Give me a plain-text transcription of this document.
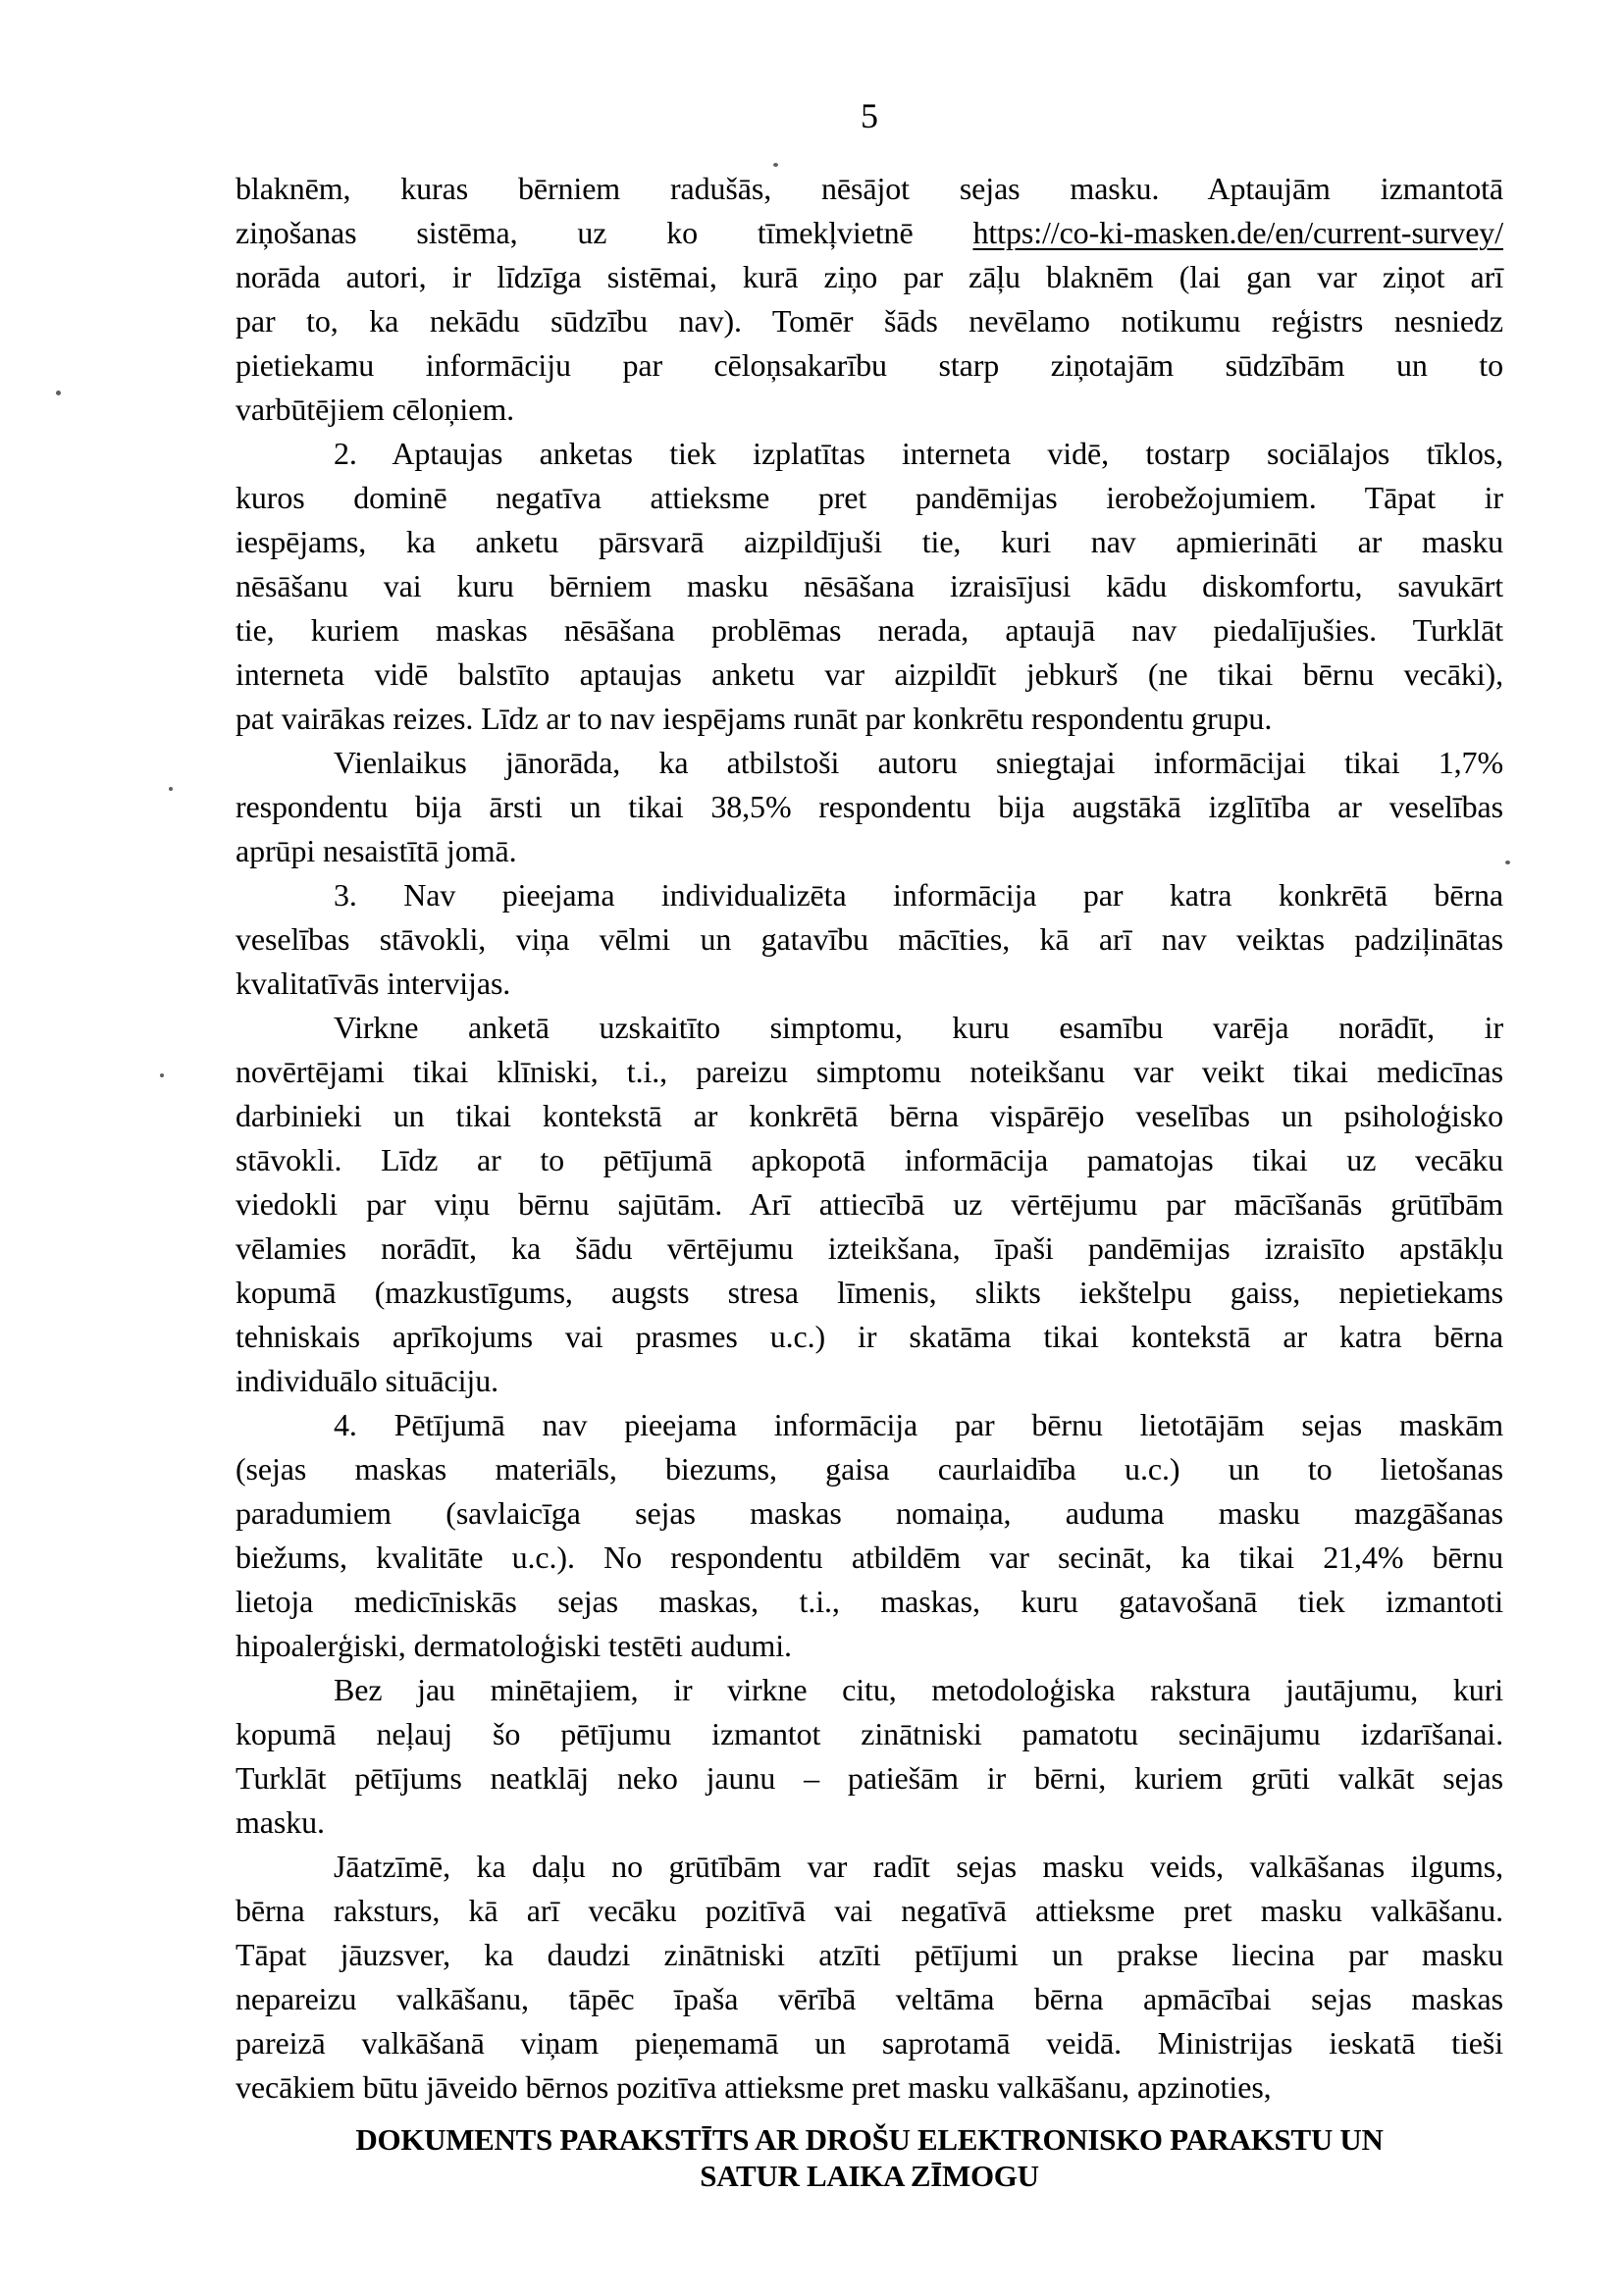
5
blaknēm, kuras bērniem radušās, nēsājot sejas masku. Aptaujām izmantotā
ziņošanas sistēma, uz ko tīmekļvietnē https://co-ki-masken.de/en/current-survey/
norāda autori, ir līdzīga sistēmai, kurā ziņo par zāļu blaknēm (lai gan var ziņot arī
par to, ka nekādu sūdzību nav). Tomēr šāds nevēlamo notikumu reģistrs nesniedz
pietiekamu informāciju par cēloņsakarību starp ziņotajām sūdzībām un to
varbūtējiem cēloņiem.
2. Aptaujas anketas tiek izplatītas interneta vidē, tostarp sociālajos tīklos,
kuros dominē negatīva attieksme pret pandēmijas ierobežojumiem. Tāpat ir
iespējams, ka anketu pārsvarā aizpildījuši tie, kuri nav apmierināti ar masku
nēsāšanu vai kuru bērniem masku nēsāšana izraisījusi kādu diskomfortu, savukārt
tie, kuriem maskas nēsāšana problēmas nerada, aptaujā nav piedalījušies. Turklāt
interneta vidē balstīto aptaujas anketu var aizpildīt jebkurš (ne tikai bērnu vecāki),
pat vairākas reizes. Līdz ar to nav iespējams runāt par konkrētu respondentu grupu.
Vienlaikus jānorāda, ka atbilstoši autoru sniegtajai informācijai tikai 1,7%
respondentu bija ārsti un tikai 38,5% respondentu bija augstākā izglītība ar veselības
aprūpi nesaistītā jomā.
3. Nav pieejama individualizēta informācija par katra konkrētā bērna
veselības stāvokli, viņa vēlmi un gatavību mācīties, kā arī nav veiktas padziļinātas
kvalitatīvās intervijas.
Virkne anketā uzskaitīto simptomu, kuru esamību varēja norādīt, ir
novērtējami tikai klīniski, t.i., pareizu simptomu noteikšanu var veikt tikai medicīnas
darbinieki un tikai kontekstā ar konkrētā bērna vispārējo veselības un psiholoģisko
stāvokli. Līdz ar to pētījumā apkopotā informācija pamatojas tikai uz vecāku
viedokli par viņu bērnu sajūtām. Arī attiecībā uz vērtējumu par mācīšanās grūtībām
vēlamies norādīt, ka šādu vērtējumu izteikšana, īpaši pandēmijas izraisīto apstākļu
kopumā (mazkustīgums, augsts stresa līmenis, slikts iekštelpu gaiss, nepietiekams
tehniskais aprīkojums vai prasmes u.c.) ir skatāma tikai kontekstā ar katra bērna
individuālo situāciju.
4. Pētījumā nav pieejama informācija par bērnu lietotājām sejas maskām
(sejas maskas materiāls, biezums, gaisa caurlaidība u.c.) un to lietošanas
paradumiem (savlaicīga sejas maskas nomaiņa, auduma masku mazgāšanas
biežums, kvalitāte u.c.). No respondentu atbildēm var secināt, ka tikai 21,4% bērnu
lietoja medicīniskās sejas maskas, t.i., maskas, kuru gatavošanā tiek izmantoti
hipoalerģiski, dermatoloģiski testēti audumi.
Bez jau minētajiem, ir virkne citu, metodoloģiska rakstura jautājumu, kuri
kopumā neļauj šo pētījumu izmantot zinātniski pamatotu secinājumu izdarīšanai.
Turklāt pētījums neatklāj neko jaunu – patiešām ir bērni, kuriem grūti valkāt sejas
masku.
Jāatzīmē, ka daļu no grūtībām var radīt sejas masku veids, valkāšanas ilgums,
bērna raksturs, kā arī vecāku pozitīvā vai negatīvā attieksme pret masku valkāšanu.
Tāpat jāuzsver, ka daudzi zinātniski atzīti pētījumi un prakse liecina par masku
nepareizu valkāšanu, tāpēc īpaša vērībā veltāma bērna apmācībai sejas maskas
pareizā valkāšanā viņam pieņemamā un saprotamā veidā. Ministrijas ieskatā tieši
vecākiem būtu jāveido bērnos pozitīva attieksme pret masku valkāšanu, apzinoties,
DOKUMENTS PARAKSTĪTS AR DROŠU ELEKTRONISKO PARAKSTU UN
SATUR LAIKA ZĪMOGU
